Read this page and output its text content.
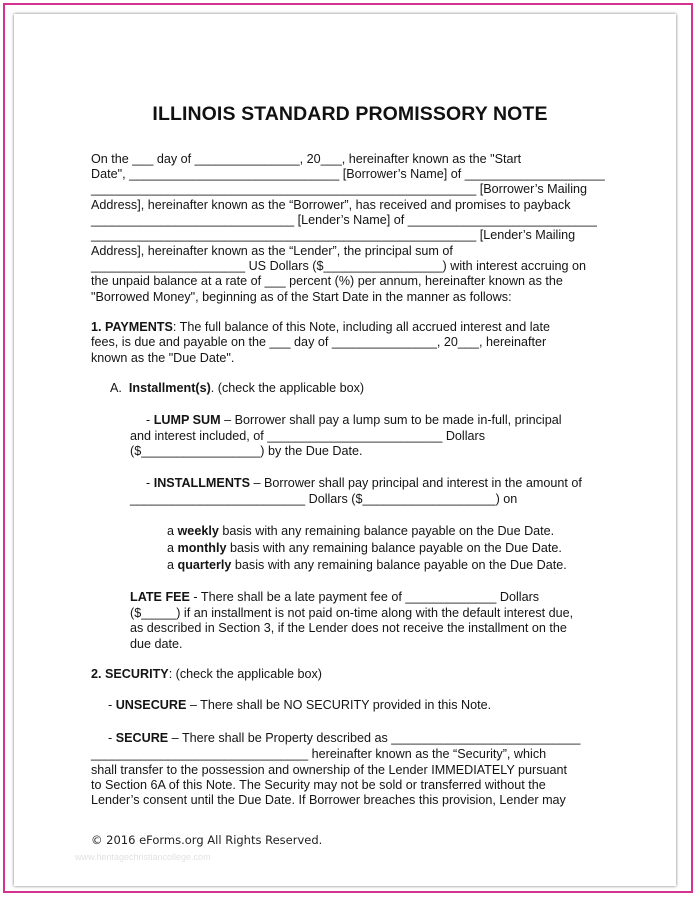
ILLINOIS STANDARD PROMISSORY NOTE
On the ___ day of _______________, 20___, hereinafter known as the "Start
Date", ______________________________ [Borrower’s Name] of ____________________
_______________________________________________________ [Borrower’s Mailing
Address], hereinafter known as the “Borrower”, has received and promises to payback
_____________________________ [Lender’s Name] of ___________________________
_______________________________________________________ [Lender’s Mailing
Address], hereinafter known as the “Lender”, the principal sum of
______________________ US Dollars ($_________________) with interest accruing on
the unpaid balance at a rate of ___ percent (%) per annum, hereinafter known as the
"Borrowed Money", beginning as of the Start Date in the manner as follows:
1. PAYMENTS: The full balance of this Note, including all accrued interest and late
fees, is due and payable on the ___ day of _______________, 20___, hereinafter
known as the "Due Date".
A.  Installment(s). (check the applicable box)
- LUMP SUM – Borrower shall pay a lump sum to be made in-full, principal
and interest included, of _________________________ Dollars
($_________________) by the Due Date.
- INSTALLMENTS – Borrower shall pay principal and interest in the amount of
_________________________ Dollars ($___________________) on
a weekly basis with any remaining balance payable on the Due Date.
a monthly basis with any remaining balance payable on the Due Date.
a quarterly basis with any remaining balance payable on the Due Date.
LATE FEE - There shall be a late payment fee of _____________ Dollars
($_____) if an installment is not paid on-time along with the default interest due,
as described in Section 3, if the Lender does not receive the installment on the
due date.
2. SECURITY: (check the applicable box)
- UNSECURE – There shall be NO SECURITY provided in this Note.
- SECURE – There shall be Property described as ___________________________
_______________________________ hereinafter known as the “Security”, which
shall transfer to the possession and ownership of the Lender IMMEDIATELY pursuant
to Section 6A of this Note. The Security may not be sold or transferred without the
Lender’s consent until the Due Date. If Borrower breaches this provision, Lender may
© 2016 eForms.org All Rights Reserved.
www.heritagechristiancollege.com
